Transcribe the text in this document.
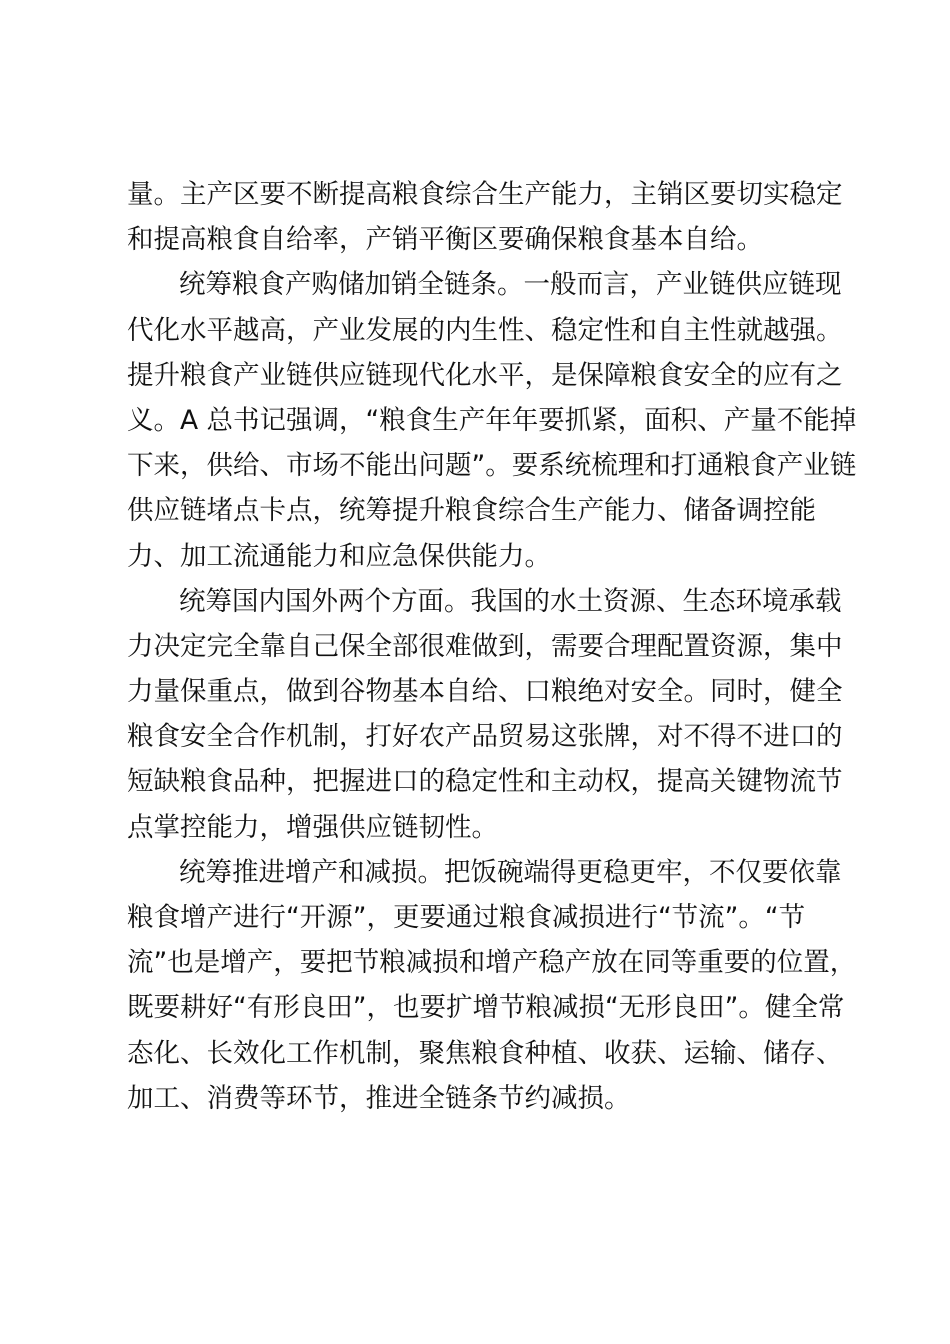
量。主产区要不断提高粮食综合生产能力，主销区要切实稳定
和提高粮食自给率，产销平衡区要确保粮食基本自给。
统筹粮食产购储加销全链条。一般而言，产业链供应链现
代化水平越高，产业发展的内生性、稳定性和自主性就越强。
提升粮食产业链供应链现代化水平，是保障粮食安全的应有之
义。A 总书记强调，“粮食生产年年要抓紧，面积、产量不能掉
下来，供给、市场不能出问题”。要系统梳理和打通粮食产业链
供应链堵点卡点，统筹提升粮食综合生产能力、储备调控能
力、加工流通能力和应急保供能力。
统筹国内国外两个方面。我国的水土资源、生态环境承载
力决定完全靠自己保全部很难做到，需要合理配置资源，集中
力量保重点，做到谷物基本自给、口粮绝对安全。同时，健全
粮食安全合作机制，打好农产品贸易这张牌，对不得不进口的
短缺粮食品种，把握进口的稳定性和主动权，提高关键物流节
点掌控能力，增强供应链韧性。
统筹推进增产和减损。把饭碗端得更稳更牢，不仅要依靠
粮食增产进行“开源”，更要通过粮食减损进行“节流”。“节
流”也是增产，要把节粮减损和增产稳产放在同等重要的位置，
既要耕好“有形良田”，也要扩增节粮减损“无形良田”。健全常
态化、长效化工作机制，聚焦粮食种植、收获、运输、储存、
加工、消费等环节，推进全链条节约减损。
